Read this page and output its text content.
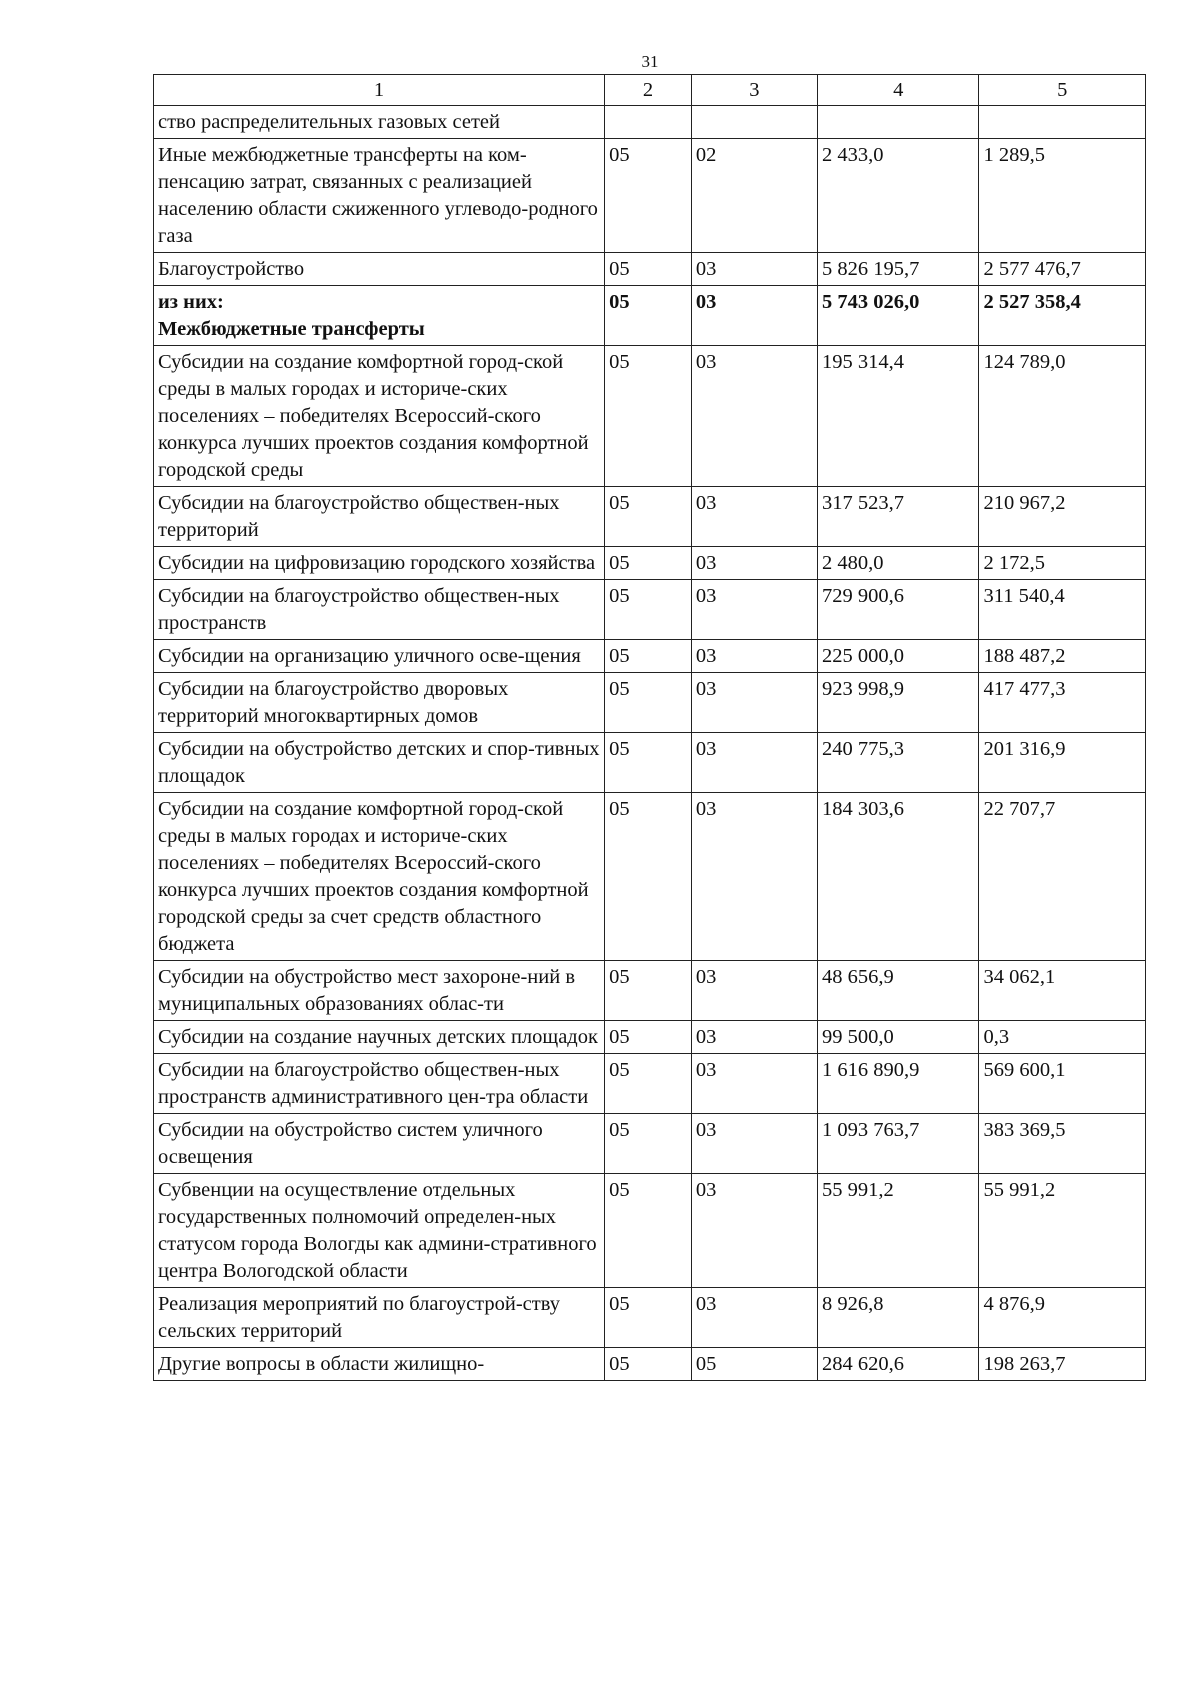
31
1	2	3	4	5
ство распределительных газовых сетей				
Иные межбюджетные трансферты на ком-пенсацию затрат, связанных с реализацией населению области сжиженного углеводо-родного газа	05	02	2 433,0	1 289,5
Благоустройство	05	03	5 826 195,7	2 577 476,7
из них:
Межбюджетные трансферты	05	03	5 743 026,0	2 527 358,4
Субсидии на создание комфортной город-ской среды в малых городах и историче-ских поселениях – победителях Всероссий-ского конкурса лучших проектов создания комфортной городской среды	05	03	195 314,4	124 789,0
Субсидии на благоустройство обществен-ных территорий	05	03	317 523,7	210 967,2
Субсидии на цифровизацию городского хозяйства	05	03	2 480,0	2 172,5
Субсидии на благоустройство обществен-ных пространств	05	03	729 900,6	311 540,4
Субсидии на организацию уличного осве-щения	05	03	225 000,0	188 487,2
Субсидии на благоустройство дворовых территорий многоквартирных домов	05	03	923 998,9	417 477,3
Субсидии на обустройство детских и спор-тивных площадок	05	03	240 775,3	201 316,9
Субсидии на создание комфортной город-ской среды в малых городах и историче-ских поселениях – победителях Всероссий-ского конкурса лучших проектов создания комфортной городской среды за счет средств областного бюджета	05	03	184 303,6	22 707,7
Субсидии на обустройство мест захороне-ний в муниципальных образованиях облас-ти	05	03	48 656,9	34 062,1
Субсидии на создание научных детских площадок	05	03	99 500,0	0,3
Субсидии на благоустройство обществен-ных пространств административного цен-тра области	05	03	1 616 890,9	569 600,1
Субсидии на обустройство систем уличного освещения	05	03	1 093 763,7	383 369,5
Субвенции на осуществление отдельных государственных полномочий определен-ных статусом города Вологды как админи-стративного центра Вологодской области	05	03	55 991,2	55 991,2
Реализация мероприятий по благоустрой-ству сельских территорий	05	03	8 926,8	4 876,9
Другие вопросы в области жилищно-	05	05	284 620,6	198 263,7
